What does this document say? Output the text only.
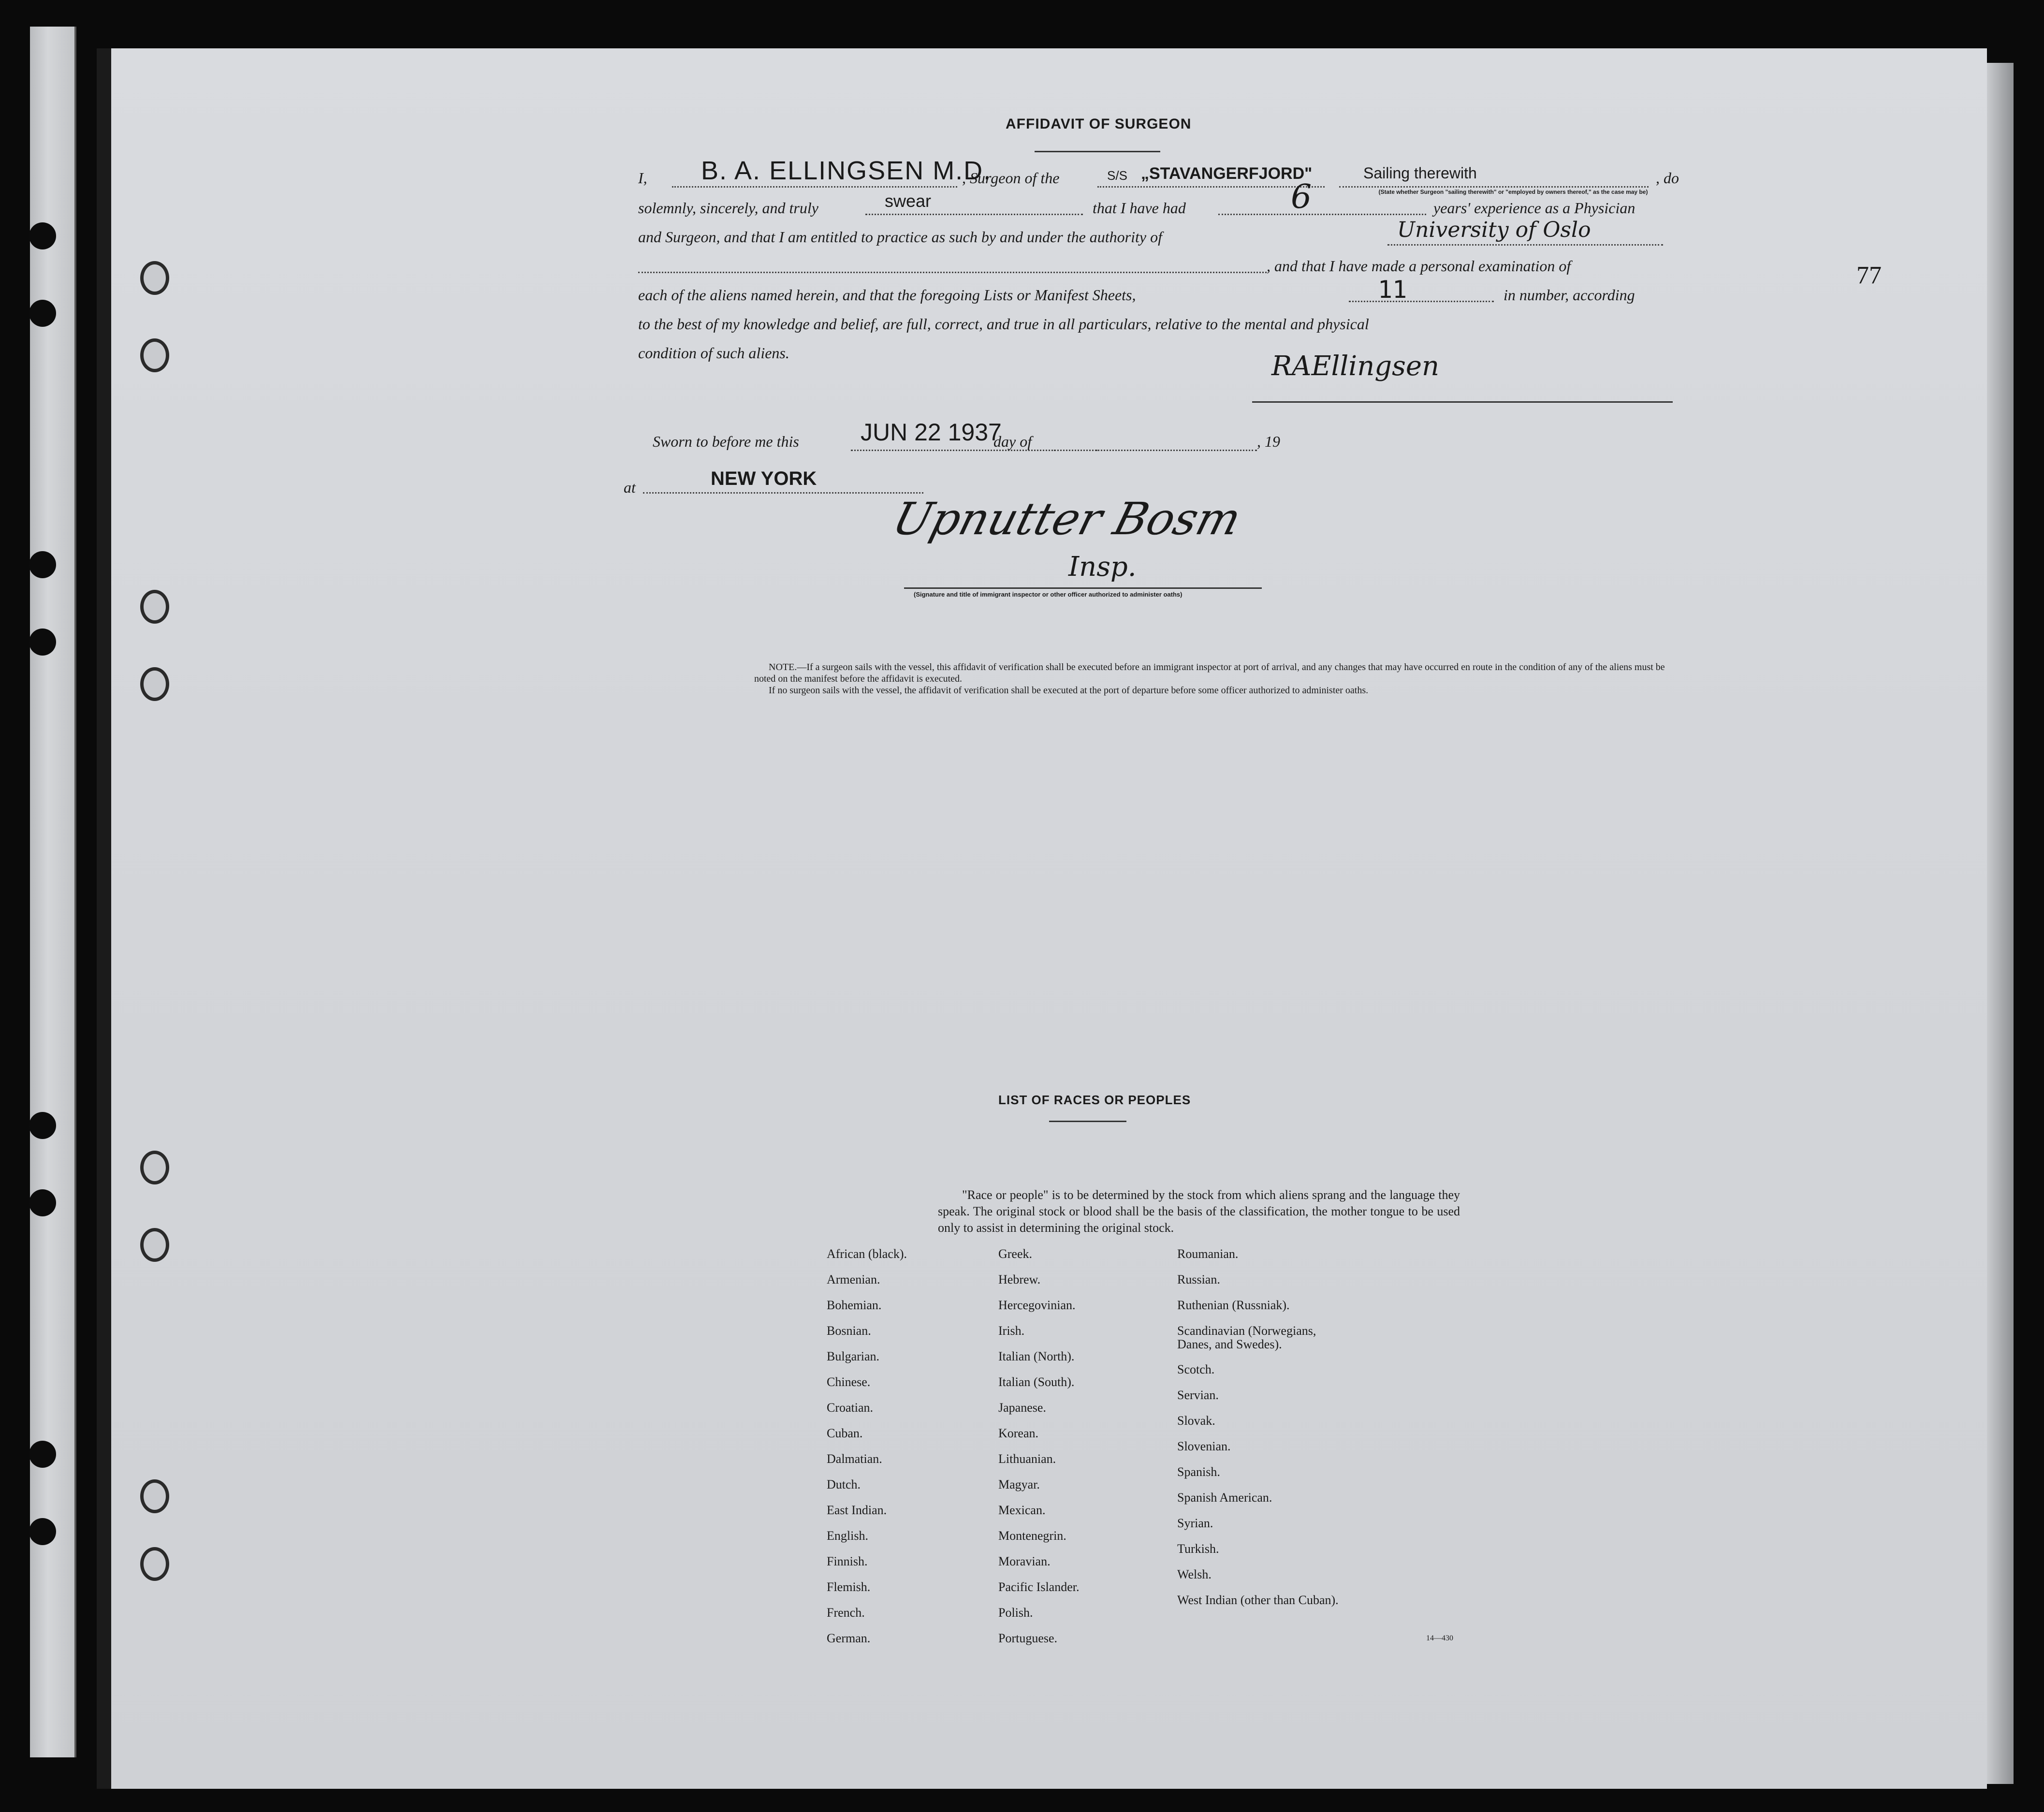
77
AFFIDAVIT OF SURGEON
I, B. A. ELLINGSEN M.D.
, Surgeon of the	S/S „STAVANGERFJORD"	Sailing therewith
(State whether Surgeon "sailing therewith" or "employed by owners thereof," as the case may be)
, do
solemnly, sincerely, and truly	swear	that I have had	6	years' experience as a Physician
and Surgeon, and that I am entitled to practice as such by and under the authority of	University of Oslo
, and that I have made a personal examination of
each of the aliens named herein, and that the foregoing Lists or Manifest Sheets,	11	in number, according
to the best of my knowledge and belief, are full, correct, and true in all particulars, relative to the mental and physical
condition of such aliens.	RAEllingsen
Sworn to before me this	JUN 22 1937
day of	, 19
at	NEW YORK
Upnutter Bosm
Insp.
(Signature and title of immigrant inspector or other officer authorized to administer oaths)
NOTE.—If a surgeon sails with the vessel, this affidavit of verification shall be executed before an immigrant inspector at port of arrival, and any changes that may have occurred en route in the condition of any of the aliens must be noted on the manifest before the affidavit is executed.
If no surgeon sails with the vessel, the affidavit of verification shall be executed at the port of departure before some officer authorized to administer oaths.
LIST OF RACES OR PEOPLES
"Race or people" is to be determined by the stock from which aliens sprang and the language they speak. The original stock or blood shall be the basis of the classification, the mother tongue to be used only to assist in determining the original stock.
African (black).
Armenian.
Bohemian.
Bosnian.
Bulgarian.
Chinese.
Croatian.
Cuban.
Dalmatian.
Dutch.
East Indian.
English.
Finnish.
Flemish.
French.
German.
Greek.
Hebrew.
Hercegovinian.
Irish.
Italian (North).
Italian (South).
Japanese.
Korean.
Lithuanian.
Magyar.
Mexican.
Montenegrin.
Moravian.
Pacific Islander.
Polish.
Portuguese.
Roumanian.
Russian.
Ruthenian (Russniak).
Scandinavian (Norwegians, Danes, and Swedes).
Scotch.
Servian.
Slovak.
Slovenian.
Spanish.
Spanish American.
Syrian.
Turkish.
Welsh.
West Indian (other than Cuban).
14—430
